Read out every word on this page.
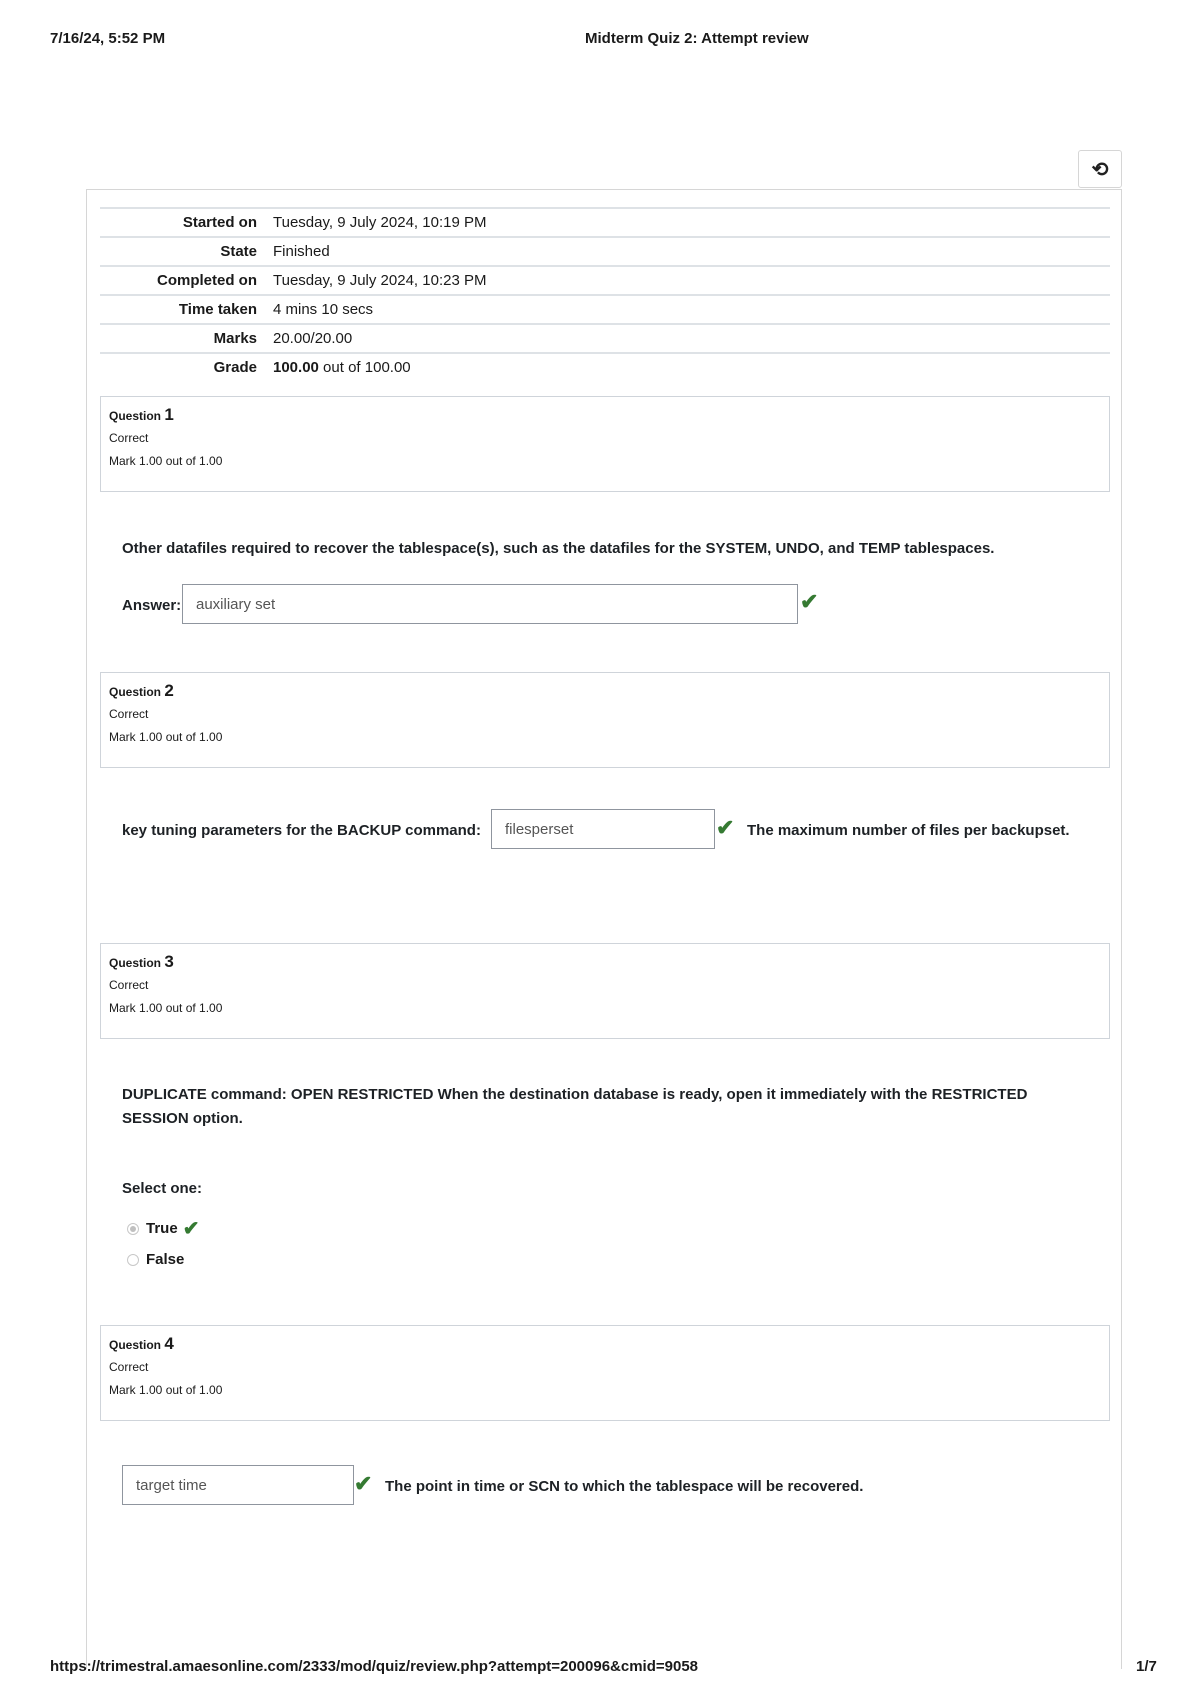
7/16/24, 5:52 PM	Midterm Quiz 2: Attempt review
⟲
Started on	Tuesday, 9 July 2024, 10:19 PM
State	Finished
Completed on	Tuesday, 9 July 2024, 10:23 PM
Time taken	4 mins 10 secs
Marks	20.00/20.00
Grade	100.00 out of 100.00
Question 1
Correct
Mark 1.00 out of 1.00
Other datafiles required to recover the tablespace(s), such as the datafiles for the SYSTEM, UNDO, and TEMP tablespaces.
Answer: auxiliary set	✔
Question 2
Correct
Mark 1.00 out of 1.00
key tuning parameters for the BACKUP command:	filesperset	✔ The maximum number of files per backupset.
Question 3
Correct
Mark 1.00 out of 1.00
DUPLICATE command: OPEN RESTRICTED When the destination database is ready, open it immediately with the RESTRICTED
SESSION option.
Select one:
True ✔
False
Question 4
Correct
Mark 1.00 out of 1.00
target time	✔ The point in time or SCN to which the tablespace will be recovered.
https://trimestral.amaesonline.com/2333/mod/quiz/review.php?attempt=200096&cmid=9058	1/7
